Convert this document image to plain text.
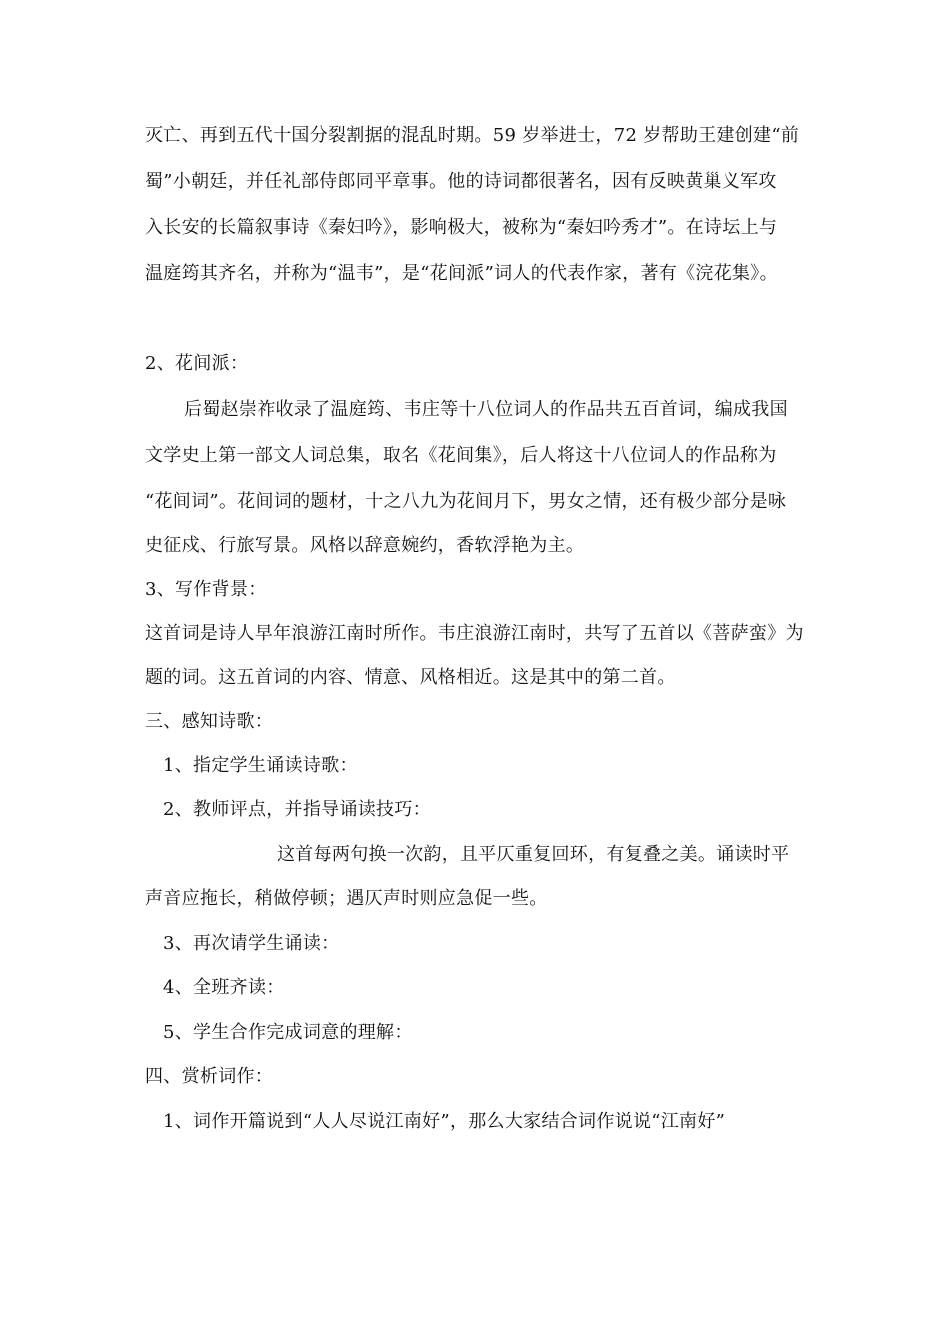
灭亡、再到五代十国分裂割据的混乱时期。59 岁举进士，72 岁帮助王建创建“前
蜀”小朝廷，并任礼部侍郎同平章事。他的诗词都很著名，因有反映黄巢义军攻
入长安的长篇叙事诗《秦妇吟》，影响极大，被称为“秦妇吟秀才”。在诗坛上与
温庭筠其齐名，并称为“温韦”，是“花间派”词人的代表作家，著有《浣花集》。
2、花间派：
后蜀赵崇祚收录了温庭筠、韦庄等十八位词人的作品共五百首词，编成我国
文学史上第一部文人词总集，取名《花间集》，后人将这十八位词人的作品称为
“花间词”。花间词的题材，十之八九为花间月下，男女之情，还有极少部分是咏
史征戍、行旅写景。风格以辞意婉约，香软浮艳为主。
3、写作背景：
这首词是诗人早年浪游江南时所作。韦庄浪游江南时，共写了五首以《菩萨蛮》为
题的词。这五首词的内容、情意、风格相近。这是其中的第二首。
三、感知诗歌：
1、指定学生诵读诗歌：
2、教师评点，并指导诵读技巧：
这首每两句换一次韵，且平仄重复回环，有复叠之美。诵读时平
声音应拖长，稍做停顿；遇仄声时则应急促一些。
3、再次请学生诵读：
4、全班齐读：
5、学生合作完成词意的理解：
四、赏析词作：
1、词作开篇说到“人人尽说江南好”，那么大家结合词作说说“江南好”
